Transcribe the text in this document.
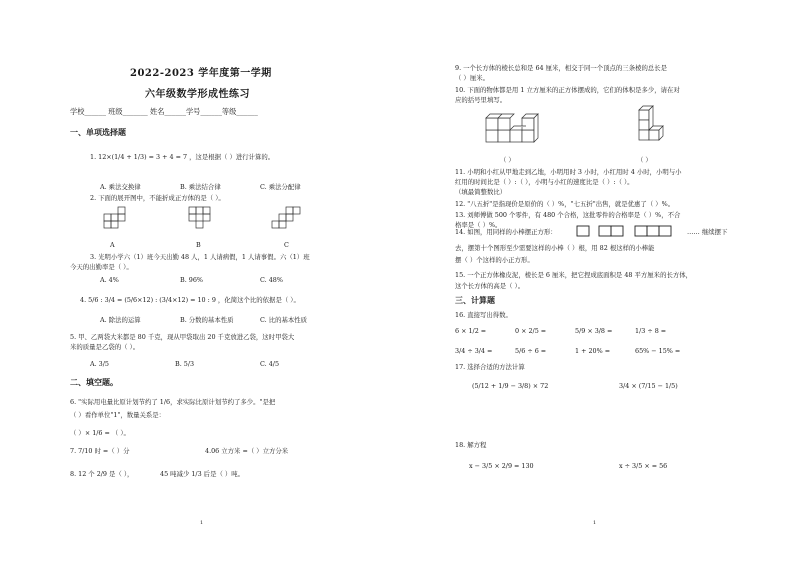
2022-2023 学年度第一学期
六年级数学形成性练习
学校______ 班级_______ 姓名______学号______等级______
一、单项选择题
1. 12×(1/4 + 1/3) = 3 + 4 = 7 ，这是根据（ ）进行计算的。
A. 乘法交换律	B. 乘法结合律	C. 乘法分配律
2. 下面的展开图中，不能折成正方体的是（ ）。
A	B	C
3. 光明小学六（1）班今天出勤 48 人，1 人请病假，1 人请事假。六（1）班
今天的出勤率是（ ）。
A. 4%	B. 96%	C. 48%
4. 5/6 : 3/4 = (5/6×12) : (3/4×12) = 10 : 9 ，化简这个比的依据是（ ）。
A. 除法的运算	B. 分数的基本性质	C. 比的基本性质
5. 甲、乙两袋大米都是 80 千克，现从甲袋取出 20 千克放进乙袋，这时甲袋大
米的质量是乙袋的（ ）。
A. 3/5	B. 5/3	C. 4/5
二、填空题。
6. "实际用电量比原计划节约了 1/6，求实际比原计划节约了多少。"是把
（ ）看作单位"1"，数量关系是：
（ ）× 1/6 = （ ）。
7. 7/10 时 =（ ）分	4.06 立方米 =（ ）立方分米
8. 12 个 2/9 是（ ），	45 吨减少 1/3 后是（ ）吨。
1
9. 一个长方体的棱长总和是 64 厘米，相交于同一个顶点的三条棱的总长是
（ ）厘米。
10. 下面的物体都是用 1 立方厘米的正方体摆成的，它们的体积是多少，请在对
应的括号里填写。
（ ）	（ ）
11. 小明和小红从甲地走到乙地，小明用时 3 小时，小红用时 4 小时，小明与小
红用的时间比是（ ）:（ ），小明与小红的速度比是（ ）:（ ）。
（填最简整数比）
12. "八五折"是指现价是原价的（ ）%，"七五折"出售，就是优惠了（ ）%。
13. 刘师傅做 500 个零件，有 480 个合格，这批零件的合格率是（ ）%，不合
格率是（ ）%。
14. 如图，用同样的小棒摆正方形：	…… 继续摆下
去，摆第十个图形至少需要这样的小棒（ ）根，用 82 根这样的小棒能
摆（ ）个这样的小正方形。
15. 一个正方体橡皮泥，棱长是 6 厘米，把它捏成底面积是 48 平方厘米的长方体，
这个长方体的高是（ ）。
三、计算题
16. 直接写出得数。
6 × 1/2 =	0 × 2/5 =	5/9 × 3/8 =	1/3 ÷ 8 =
3/4 ÷ 3/4 =	5/6 ÷ 6 =	1 + 20% =	65% − 15% =
17. 选择合适的方法计算
(5/12 + 1/9 − 3/8) × 72	3/4 × (7/15 − 1/5)
18. 解方程
x − 3/5 × 2/9 = 130	x ÷ 3/5 × = 56
1
